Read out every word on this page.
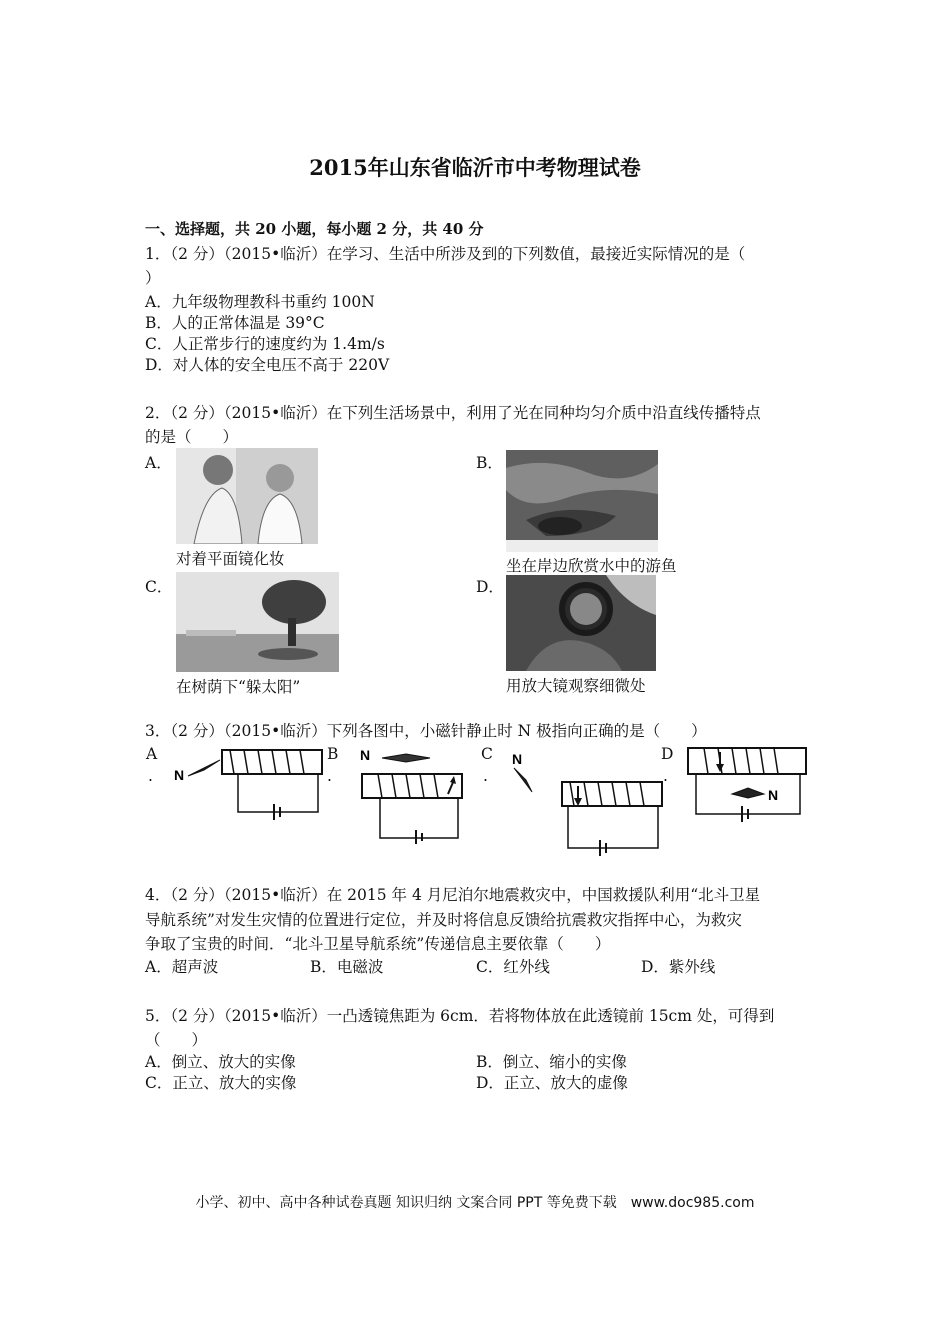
2015年山东省临沂市中考物理试卷
一、选择题，共 20 小题，每小题 2 分，共 40 分
1．（2 分）（2015•临沂）在学习、生活中所涉及到的下列数值，最接近实际情况的是（
）
A．九年级物理教科书重约 100N
B．人的正常体温是 39°C
C．人正常步行的速度约为 1.4m/s
D．对人体的安全电压不高于 220V
2．（2 分）（2015•临沂）在下列生活场景中，利用了光在同种均匀介质中沿直线传播特点
的是（　　）
A．
对着平面镜化妆
B．
坐在岸边欣赏水中的游鱼
C．
在树荫下“躲太阳”
D．
用放大镜观察细微处
3．（2 分）（2015•临沂）下列各图中，小磁针静止时 N 极指向正确的是（　　）
A
.
B
.
C
.
D
.
N
N	N
N
4．（2 分）（2015•临沂）在 2015 年 4 月尼泊尔地震救灾中，中国救援队利用“北斗卫星
导航系统”对发生灾情的位置进行定位，并及时将信息反馈给抗震救灾指挥中心，为救灾
争取了宝贵的时间．“北斗卫星导航系统”传递信息主要依靠（　　）
A．超声波	B．电磁波	C．红外线	D．紫外线
5．（2 分）（2015•临沂）一凸透镜焦距为 6cm．若将物体放在此透镜前 15cm 处，可得到
（　　）
A．倒立、放大的实像	B．倒立、缩小的实像
C．正立、放大的实像	D．正立、放大的虚像
小学、初中、高中各种试卷真题 知识归纳 文案合同 PPT 等免费下载　www.doc985.com
